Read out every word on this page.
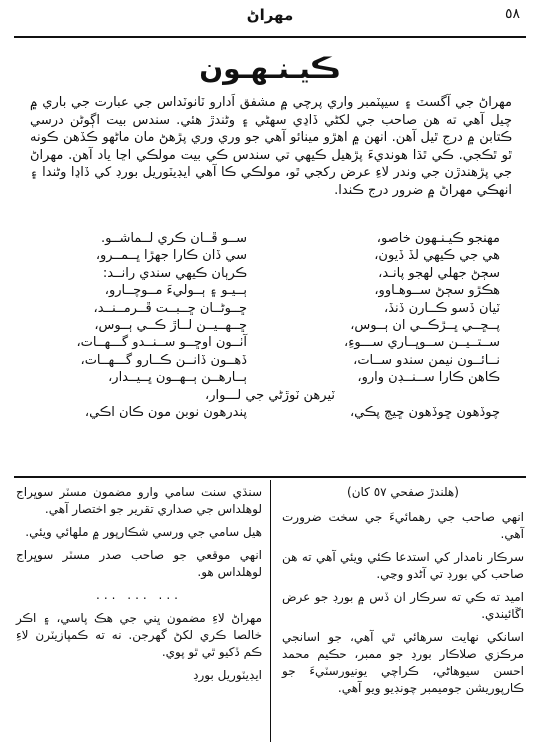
٥٨
مهراڻ
ڪيـنـهـون
مهراڻ جي آگسٽ ۽ سيپٽمبر واري پرچي ۾ مشفق اَدارو ٽانوٽداس جي عبارت جي باري ۾ چيل آهي ته هن صاحب جي لکڻي ڏاڍي سهڻي ۽ وڻندڙ هئي. سندس بيت اڳوڻن درسي ڪتابن ۾ درج ٿيل آهن. انهن ۾ اهڙو مينائو آهي جو وري وري پڙهڻ مان ماڻهو ڪڏهن ڪونه ٿو ٿڪجي. ڪي ٿڌا هونديءَ پڙهيل ڪيهي تي سندس ڪي بيت مولڪي اڃا ياد آهن. مهراڻ جي پڙهندڙن جي وندر لاءِ عرض رکجي ٿو، مولڪي ڪا آهي ايڊيٽوريل بورڊ کي ڏاڍا وڻندا ۽ انهڪي مهراڻ ۾ ضرور درج ڪندا.
مهنجو ڪيـنـهون خاصو،
ســو ڦــان ڪري لــماشــو.
هي جي ڪيهي لڏ ڏيون،
سي ڏان ڪارا جهڙا ڀــمــرو،
سڄڻ جهلي لهجو پانـد،
ڪرٻان ڪيهي سندي رانــد:
هڪڙو سڄڻ ســوهـاوو،
ٻــيـو ۽ ٻــوليءَ مــوچــارو،
ٽيان ڏسو ڪــارن ڏنڏ،
ڇــوڻــان ڇــبــت ڦــرمــنــد،
پــڇــي ڀــڙڪــي ان ٻــوس،
ڇــهــيــن لــاڙ ڪــي ٻــوس،
ســتــيــن ســوڀــاري ســـوءِ،
آٺــون اوڇــو ســنــدو گـــهــات،
نــائــون نيمن سندو ســات،
ڏهــون ڏانــن ڪــارو گـــهــات،
ڪاهن ڪارا ســنــڊن وارو،
ٻــارهــن ٻــهــون ڀــيــدار،
ٽيرهن ٽوڙڻي جي لـــوار،
چوڏهون ڇوڏهون ڇيڄ پڪي،
پندرهون نوبن مون ڪان اڪي،
(هلندڙ صفحي ٥٧ کان)

انهي صاحب جي رهمائيءَ جي سخت ضرورت آهي.

سرڪار نامدار کي استدعا ڪئي ويئي آهي ته هن صاحب کي بورڊ تي آڻدو وڃي.

اميد ته ڪي ته سرڪار ان ڏس ۾ بورڊ جو عرض اڱائيندي.

اسانکي نهايت سرهائي ٿي آهي، جو اسانجي مرڪزي صلاڪار بورڊ جو ممبر، حڪيم محمد احسن سيوهاڻي، ڪراچي يونيورسٽيءَ جو ڪارپوريشن جوميمبر چونڊيو ويو آهي.

سنڌي سنت سامي وارو مضمون مسٽر سوڀراج لوهلداس جي صداري تقرير جو اختصار آهي.

هيل سامي جي ورسي شڪارپور ۾ ملهائي ويئي.

انهي موقعي جو صاحب صدر مسٽر سوڀراج لوهلداس هو.

... ... ...

مهراڻ لاءِ مضمون ڀني جي هڪ پاسي، ۽ اڪر خالصا ڪري لکڻ گهرجن. نه ته ڪمپازيٽرن لاءِ ڪم ڏکيو ٿي ٿو پوي.

ايڊيٽوريل بورڊ
